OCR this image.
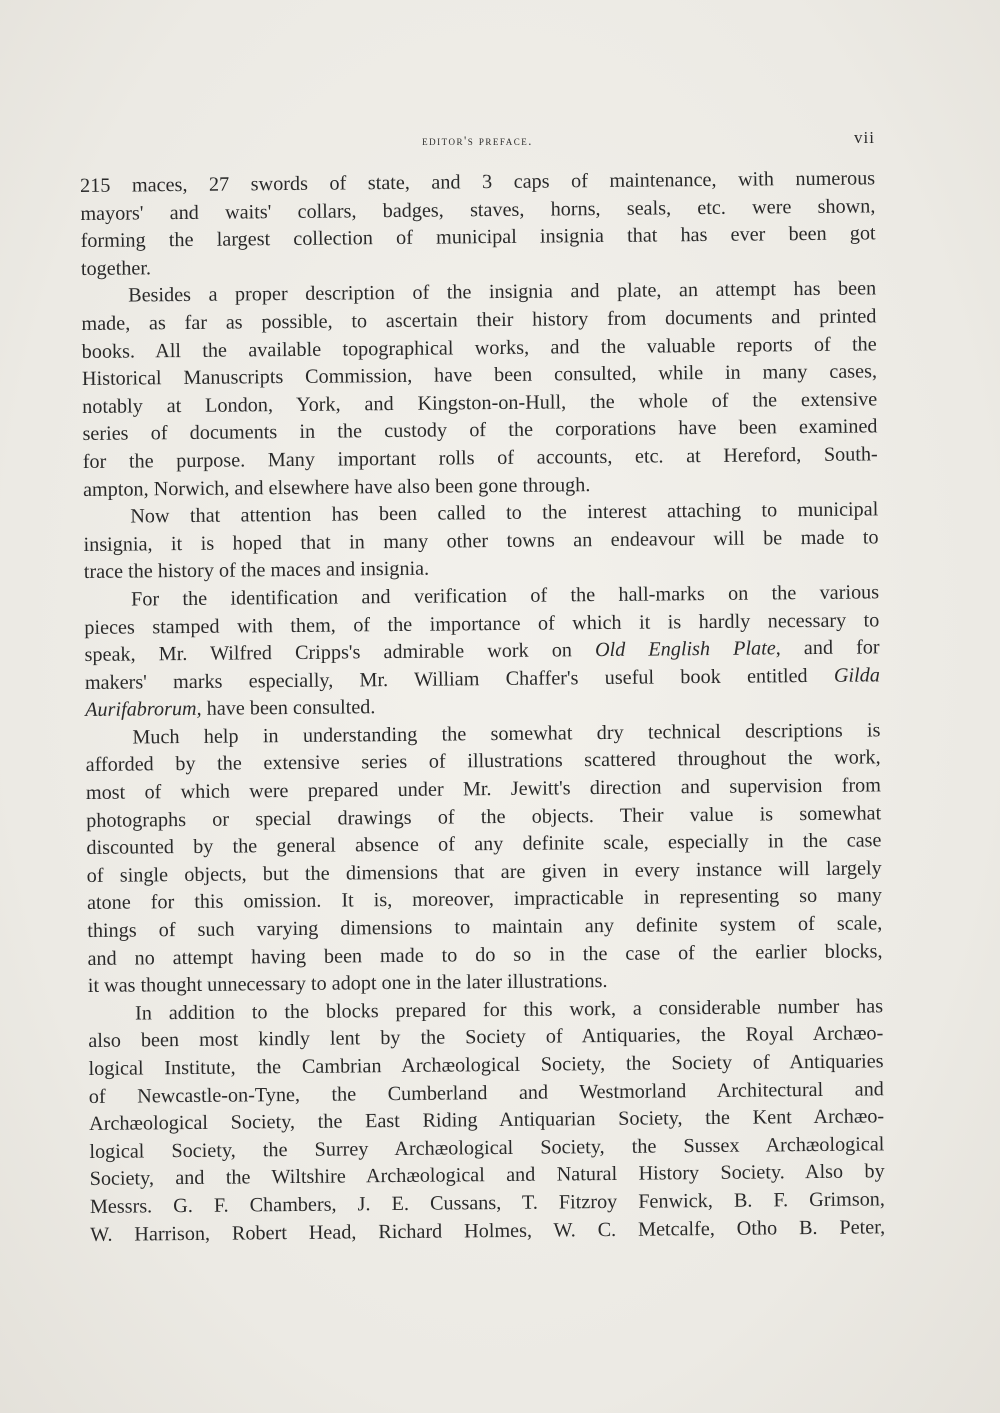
editor's preface.	vii
215 maces, 27 swords of state, and 3 caps of maintenance, with numerous
mayors' and waits' collars, badges, staves, horns, seals, etc. were shown,
forming the largest collection of municipal insignia that has ever been got
together.
Besides a proper description of the insignia and plate, an attempt has been
made, as far as possible, to ascertain their history from documents and printed
books. All the available topographical works, and the valuable reports of the
Historical Manuscripts Commission, have been consulted, while in many cases,
notably at London, York, and Kingston-on-Hull, the whole of the extensive
series of documents in the custody of the corporations have been examined
for the purpose. Many important rolls of accounts, etc. at Hereford, South-
ampton, Norwich, and elsewhere have also been gone through.
Now that attention has been called to the interest attaching to municipal
insignia, it is hoped that in many other towns an endeavour will be made to
trace the history of the maces and insignia.
For the identification and verification of the hall-marks on the various
pieces stamped with them, of the importance of which it is hardly necessary to
speak, Mr. Wilfred Cripps's admirable work on Old English Plate, and for
makers' marks especially, Mr. William Chaffer's useful book entitled Gilda
Aurifabrorum, have been consulted.
Much help in understanding the somewhat dry technical descriptions is
afforded by the extensive series of illustrations scattered throughout the work,
most of which were prepared under Mr. Jewitt's direction and supervision from
photographs or special drawings of the objects. Their value is somewhat
discounted by the general absence of any definite scale, especially in the case
of single objects, but the dimensions that are given in every instance will largely
atone for this omission. It is, moreover, impracticable in representing so many
things of such varying dimensions to maintain any definite system of scale,
and no attempt having been made to do so in the case of the earlier blocks,
it was thought unnecessary to adopt one in the later illustrations.
In addition to the blocks prepared for this work, a considerable number has
also been most kindly lent by the Society of Antiquaries, the Royal Archæo-
logical Institute, the Cambrian Archæological Society, the Society of Antiquaries
of Newcastle-on-Tyne, the Cumberland and Westmorland Architectural and
Archæological Society, the East Riding Antiquarian Society, the Kent Archæo-
logical Society, the Surrey Archæological Society, the Sussex Archæological
Society, and the Wiltshire Archæological and Natural History Society. Also by
Messrs. G. F. Chambers, J. E. Cussans, T. Fitzroy Fenwick, B. F. Grimson,
W. Harrison, Robert Head, Richard Holmes, W. C. Metcalfe, Otho B. Peter,
